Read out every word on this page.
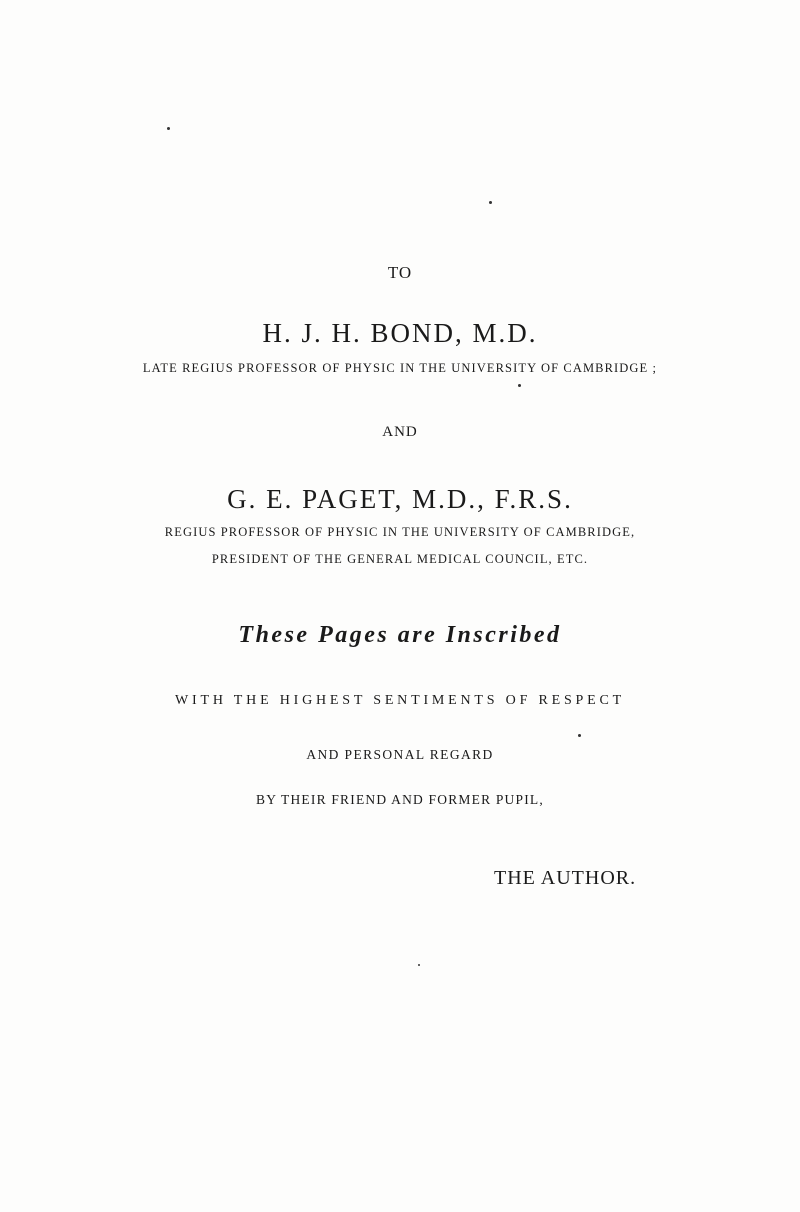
TO
H. J. H. BOND, M.D.
LATE REGIUS PROFESSOR OF PHYSIC IN THE UNIVERSITY OF CAMBRIDGE ;
AND
G. E. PAGET, M.D., F.R.S.
REGIUS PROFESSOR OF PHYSIC IN THE UNIVERSITY OF CAMBRIDGE,
PRESIDENT OF THE GENERAL MEDICAL COUNCIL, ETC.
These Pages are Inscribed
WITH THE HIGHEST SENTIMENTS OF RESPECT
AND PERSONAL REGARD
BY THEIR FRIEND AND FORMER PUPIL,
THE AUTHOR.
